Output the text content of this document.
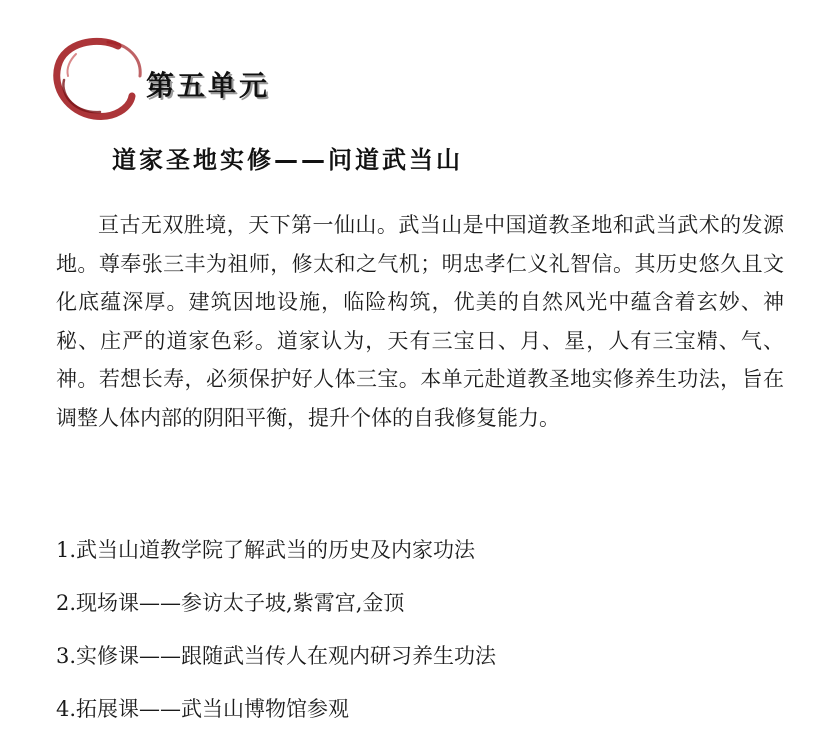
第五单元
道家圣地实修——问道武当山

亘古无双胜境，天下第一仙山。武当山是中国道教圣地和武当武术的发源地。尊奉张三丰为祖师，修太和之气机；明忠孝仁义礼智信。其历史悠久且文化底蕴深厚。建筑因地设施，临险构筑，优美的自然风光中蕴含着玄妙、神秘、庄严的道家色彩。道家认为，天有三宝日、月、星，人有三宝精、气、神。若想长寿，必须保护好人体三宝。本单元赴道教圣地实修养生功法，旨在调整人体内部的阴阳平衡，提升个体的自我修复能力。

1.武当山道教学院了解武当的历史及内家功法
2.现场课——参访太子坡,紫霄宫,金顶
3.实修课——跟随武当传人在观内研习养生功法
4.拓展课——武当山博物馆参观
